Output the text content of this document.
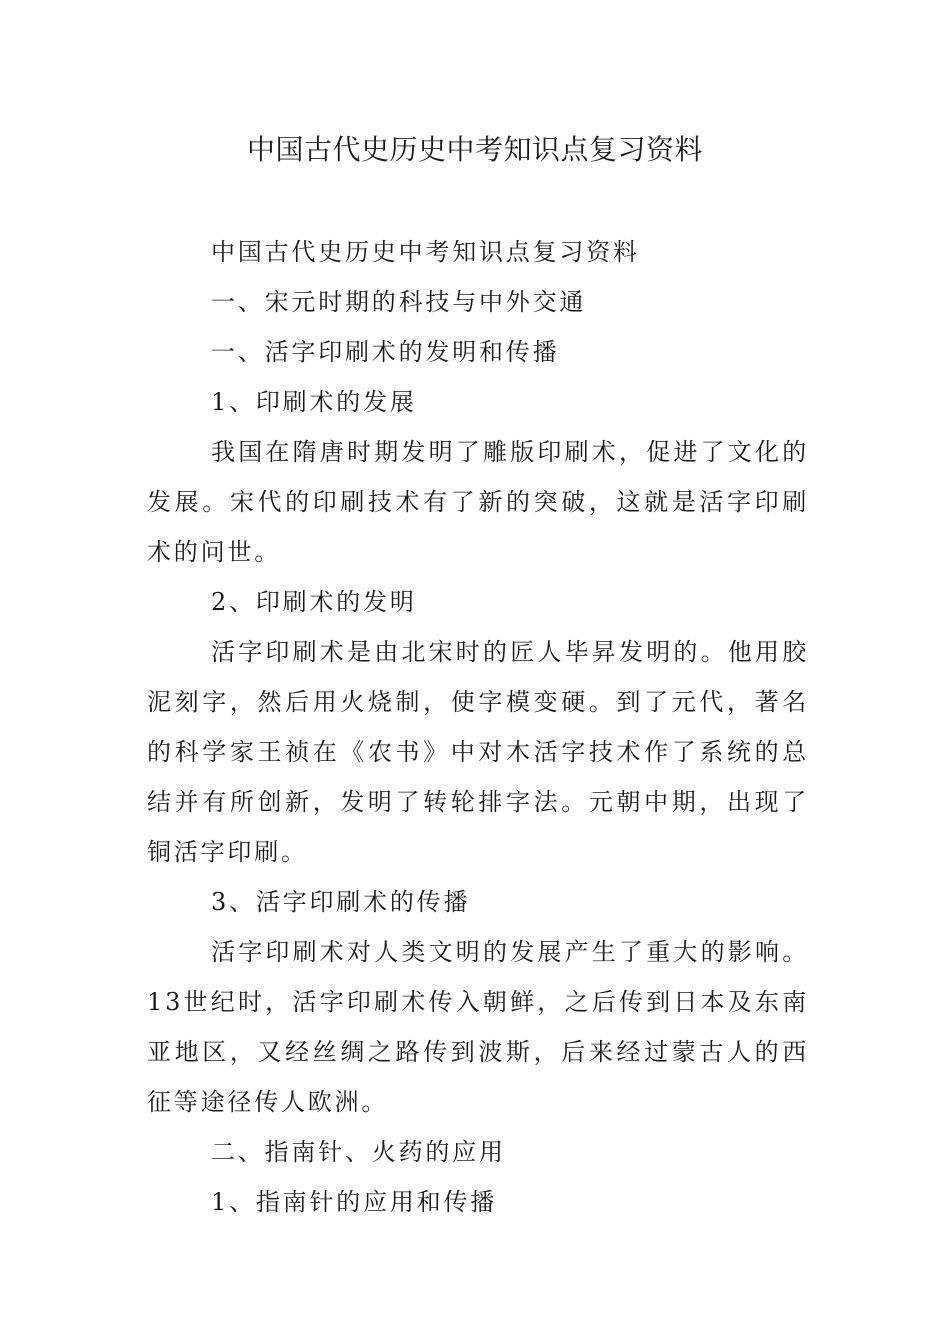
中国古代史历史中考知识点复习资料

中国古代史历史中考知识点复习资料

一、宋元时期的科技与中外交通

一、活字印刷术的发明和传播

1、印刷术的发展

我国在隋唐时期发明了雕版印刷术，促进了文化的发展。宋代的印刷技术有了新的突破，这就是活字印刷术的问世。

2、印刷术的发明

活字印刷术是由北宋时的匠人毕昇发明的。他用胶泥刻字，然后用火烧制，使字模变硬。到了元代，著名的科学家王祯在《农书》中对木活字技术作了系统的总结并有所创新，发明了转轮排字法。元朝中期，出现了铜活字印刷。

3、活字印刷术的传播

活字印刷术对人类文明的发展产生了重大的影响。13世纪时，活字印刷术传入朝鲜，之后传到日本及东南亚地区，又经丝绸之路传到波斯，后来经过蒙古人的西征等途径传人欧洲。

二、指南针、火药的应用

1、指南针的应用和传播
